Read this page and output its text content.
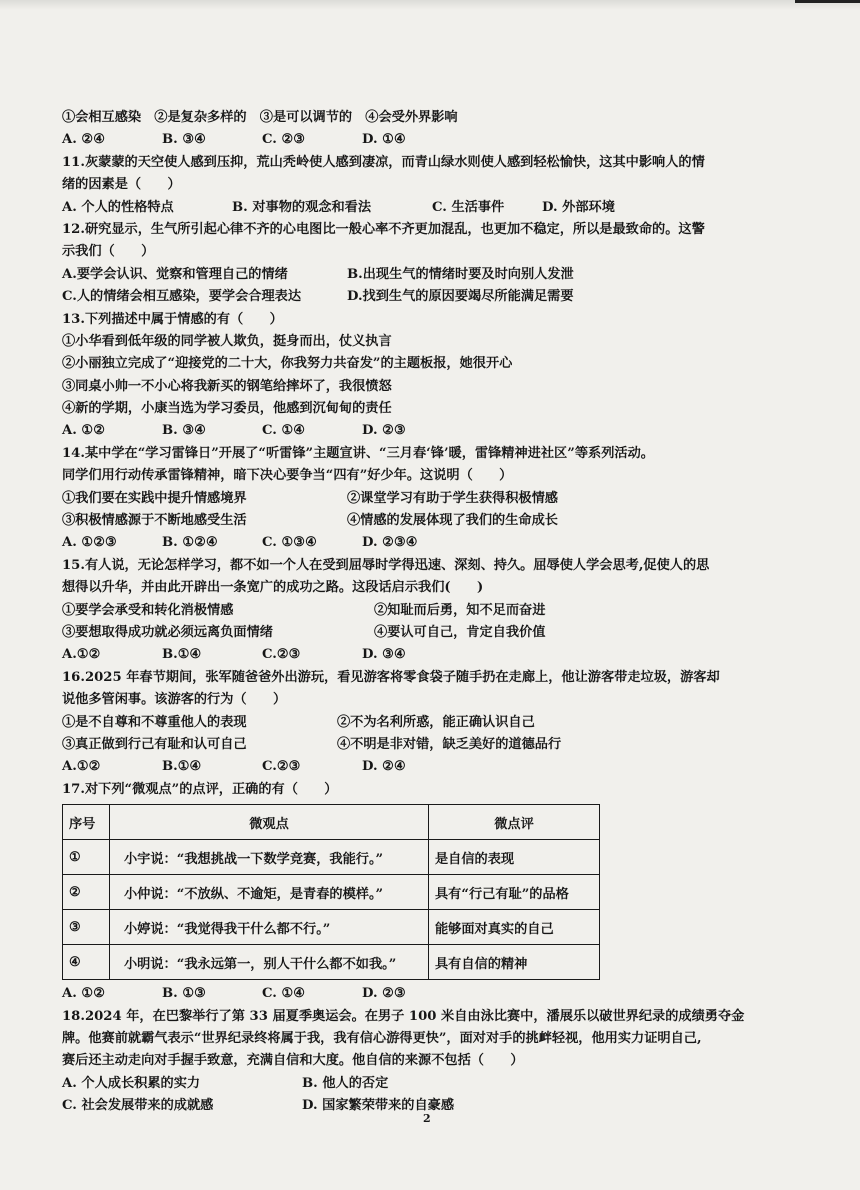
①会相互感染　②是复杂多样的　③是可以调节的　④会受外界影响
A. ②④	B. ③④	C. ②③	D. ①④
11.灰蒙蒙的天空使人感到压抑，荒山秃岭使人感到凄凉，而青山绿水则使人感到轻松愉快，这其中影响人的情
绪的因素是（　　）
A. 个人的性格特点	B. 对事物的观念和看法	C. 生活事件	D. 外部环境
12.研究显示，生气所引起心律不齐的心电图比一般心率不齐更加混乱，也更加不稳定，所以是最致命的。这警
示我们（　　）
A.要学会认识、觉察和管理自己的情绪	B.出现生气的情绪时要及时向别人发泄
C.人的情绪会相互感染，要学会合理表达	D.找到生气的原因要竭尽所能满足需要
13.下列描述中属于情感的有（　　）
①小华看到低年级的同学被人欺负，挺身而出，仗义执言
②小丽独立完成了“迎接党的二十大，你我努力共奋发”的主题板报，她很开心
③同桌小帅一不小心将我新买的钢笔给摔坏了，我很愤怒
④新的学期，小康当选为学习委员，他感到沉甸甸的责任
A. ①②	B. ③④	C. ①④	D. ②③
14.某中学在“学习雷锋日”开展了“听雷锋”主题宣讲、“三月春‘锋’暖，雷锋精神进社区”等系列活动。
同学们用行动传承雷锋精神，暗下决心要争当“四有”好少年。这说明（　　）
①我们要在实践中提升情感境界	②课堂学习有助于学生获得积极情感
③积极情感源于不断地感受生活	④情感的发展体现了我们的生命成长
A. ①②③	B. ①②④	C. ①③④	D. ②③④
15.有人说，无论怎样学习，都不如一个人在受到屈辱时学得迅速、深刻、持久。屈辱使人学会思考,促使人的思
想得以升华，并由此开辟出一条宽广的成功之路。这段话启示我们(　　)
①要学会承受和转化消极情感	②知耻而后勇，知不足而奋进
③要想取得成功就必须远离负面情绪	④要认可自己，肯定自我价值
A.①②	B.①④	C.②③	D. ③④
16.2025 年春节期间，张军随爸爸外出游玩，看见游客将零食袋子随手扔在走廊上，他让游客带走垃圾，游客却
说他多管闲事。该游客的行为（　　）
①是不自尊和不尊重他人的表现	②不为名利所惑，能正确认识自己
③真正做到行己有耻和认可自己	④不明是非对错，缺乏美好的道德品行
A.①②	B.①④	C.②③	D. ②④
17.对下列“微观点”的点评，正确的有（　　）
序号	微观点	微点评
①	小宇说：“我想挑战一下数学竞赛，我能行。”	是自信的表现
②	小仲说：“不放纵、不逾矩，是青春的模样。”	具有“行己有耻”的品格
③	小婷说：“我觉得我干什么都不行。”	能够面对真实的自己
④	小明说：“我永远第一，别人干什么都不如我。”	具有自信的精神
A. ①②	B. ①③	C. ①④	D. ②③
18.2024 年，在巴黎举行了第 33 届夏季奥运会。在男子 100 米自由泳比赛中，潘展乐以破世界纪录的成绩勇夺金
牌。他赛前就霸气表示“世界纪录终将属于我，我有信心游得更快”，面对对手的挑衅轻视，他用实力证明自己,
赛后还主动走向对手握手致意，充满自信和大度。他自信的来源不包括（　　）
A. 个人成长积累的实力	B. 他人的否定
C. 社会发展带来的成就感	D. 国家繁荣带来的自豪感
2
